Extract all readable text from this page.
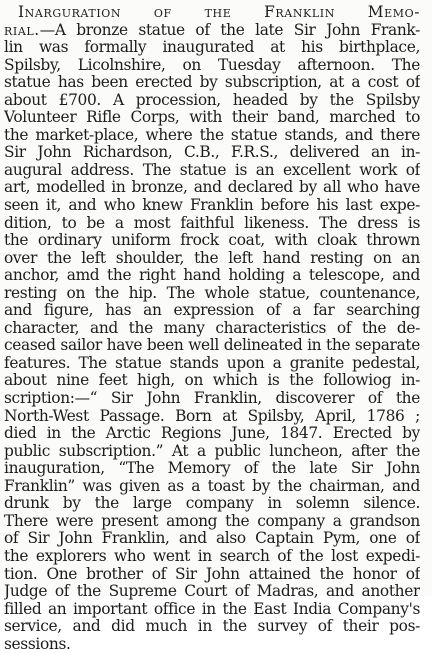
Inarguration of the Franklin Memo-
rial.—A bronze statue of the late Sir John Frank-
lin was formally inaugurated at his birthplace,
Spilsby, Licolnshire, on Tuesday afternoon. The
statue has been erected by subscription, at a cost of
about £700. A procession, headed by the Spilsby
Volunteer Rifle Corps, with their band, marched to
the market-place, where the statue stands, and there
Sir John Richardson, C.B., F.R.S., delivered an in-
augural address. The statue is an excellent work of
art, modelled in bronze, and declared by all who have
seen it, and who knew Franklin before his last expe-
dition, to be a most faithful likeness. The dress is
the ordinary uniform frock coat, with cloak thrown
over the left shoulder, the left hand resting on an
anchor, amd the right hand holding a telescope, and
resting on the hip. The whole statue, countenance,
and figure, has an expression of a far searching
character, and the many characteristics of the de-
ceased sailor have been well delineated in the separate
features. The statue stands upon a granite pedestal,
about nine feet high, on which is the followiog in-
scription:—“ Sir John Franklin, discoverer of the
North-West Passage. Born at Spilsby, April, 1786 ;
died in the Arctic Regions June, 1847. Erected by
public subscription.” At a public luncheon, after the
inauguration, “The Memory of the late Sir John
Franklin” was given as a toast by the chairman, and
drunk by the large company in solemn silence.
There were present among the company a grandson
of Sir John Franklin, and also Captain Pym, one of
the explorers who went in search of the lost expedi-
tion. One brother of Sir John attained the honor of
Judge of the Supreme Court of Madras, and another
filled an important office in the East India Company's
service, and did much in the survey of their pos-
sessions.
